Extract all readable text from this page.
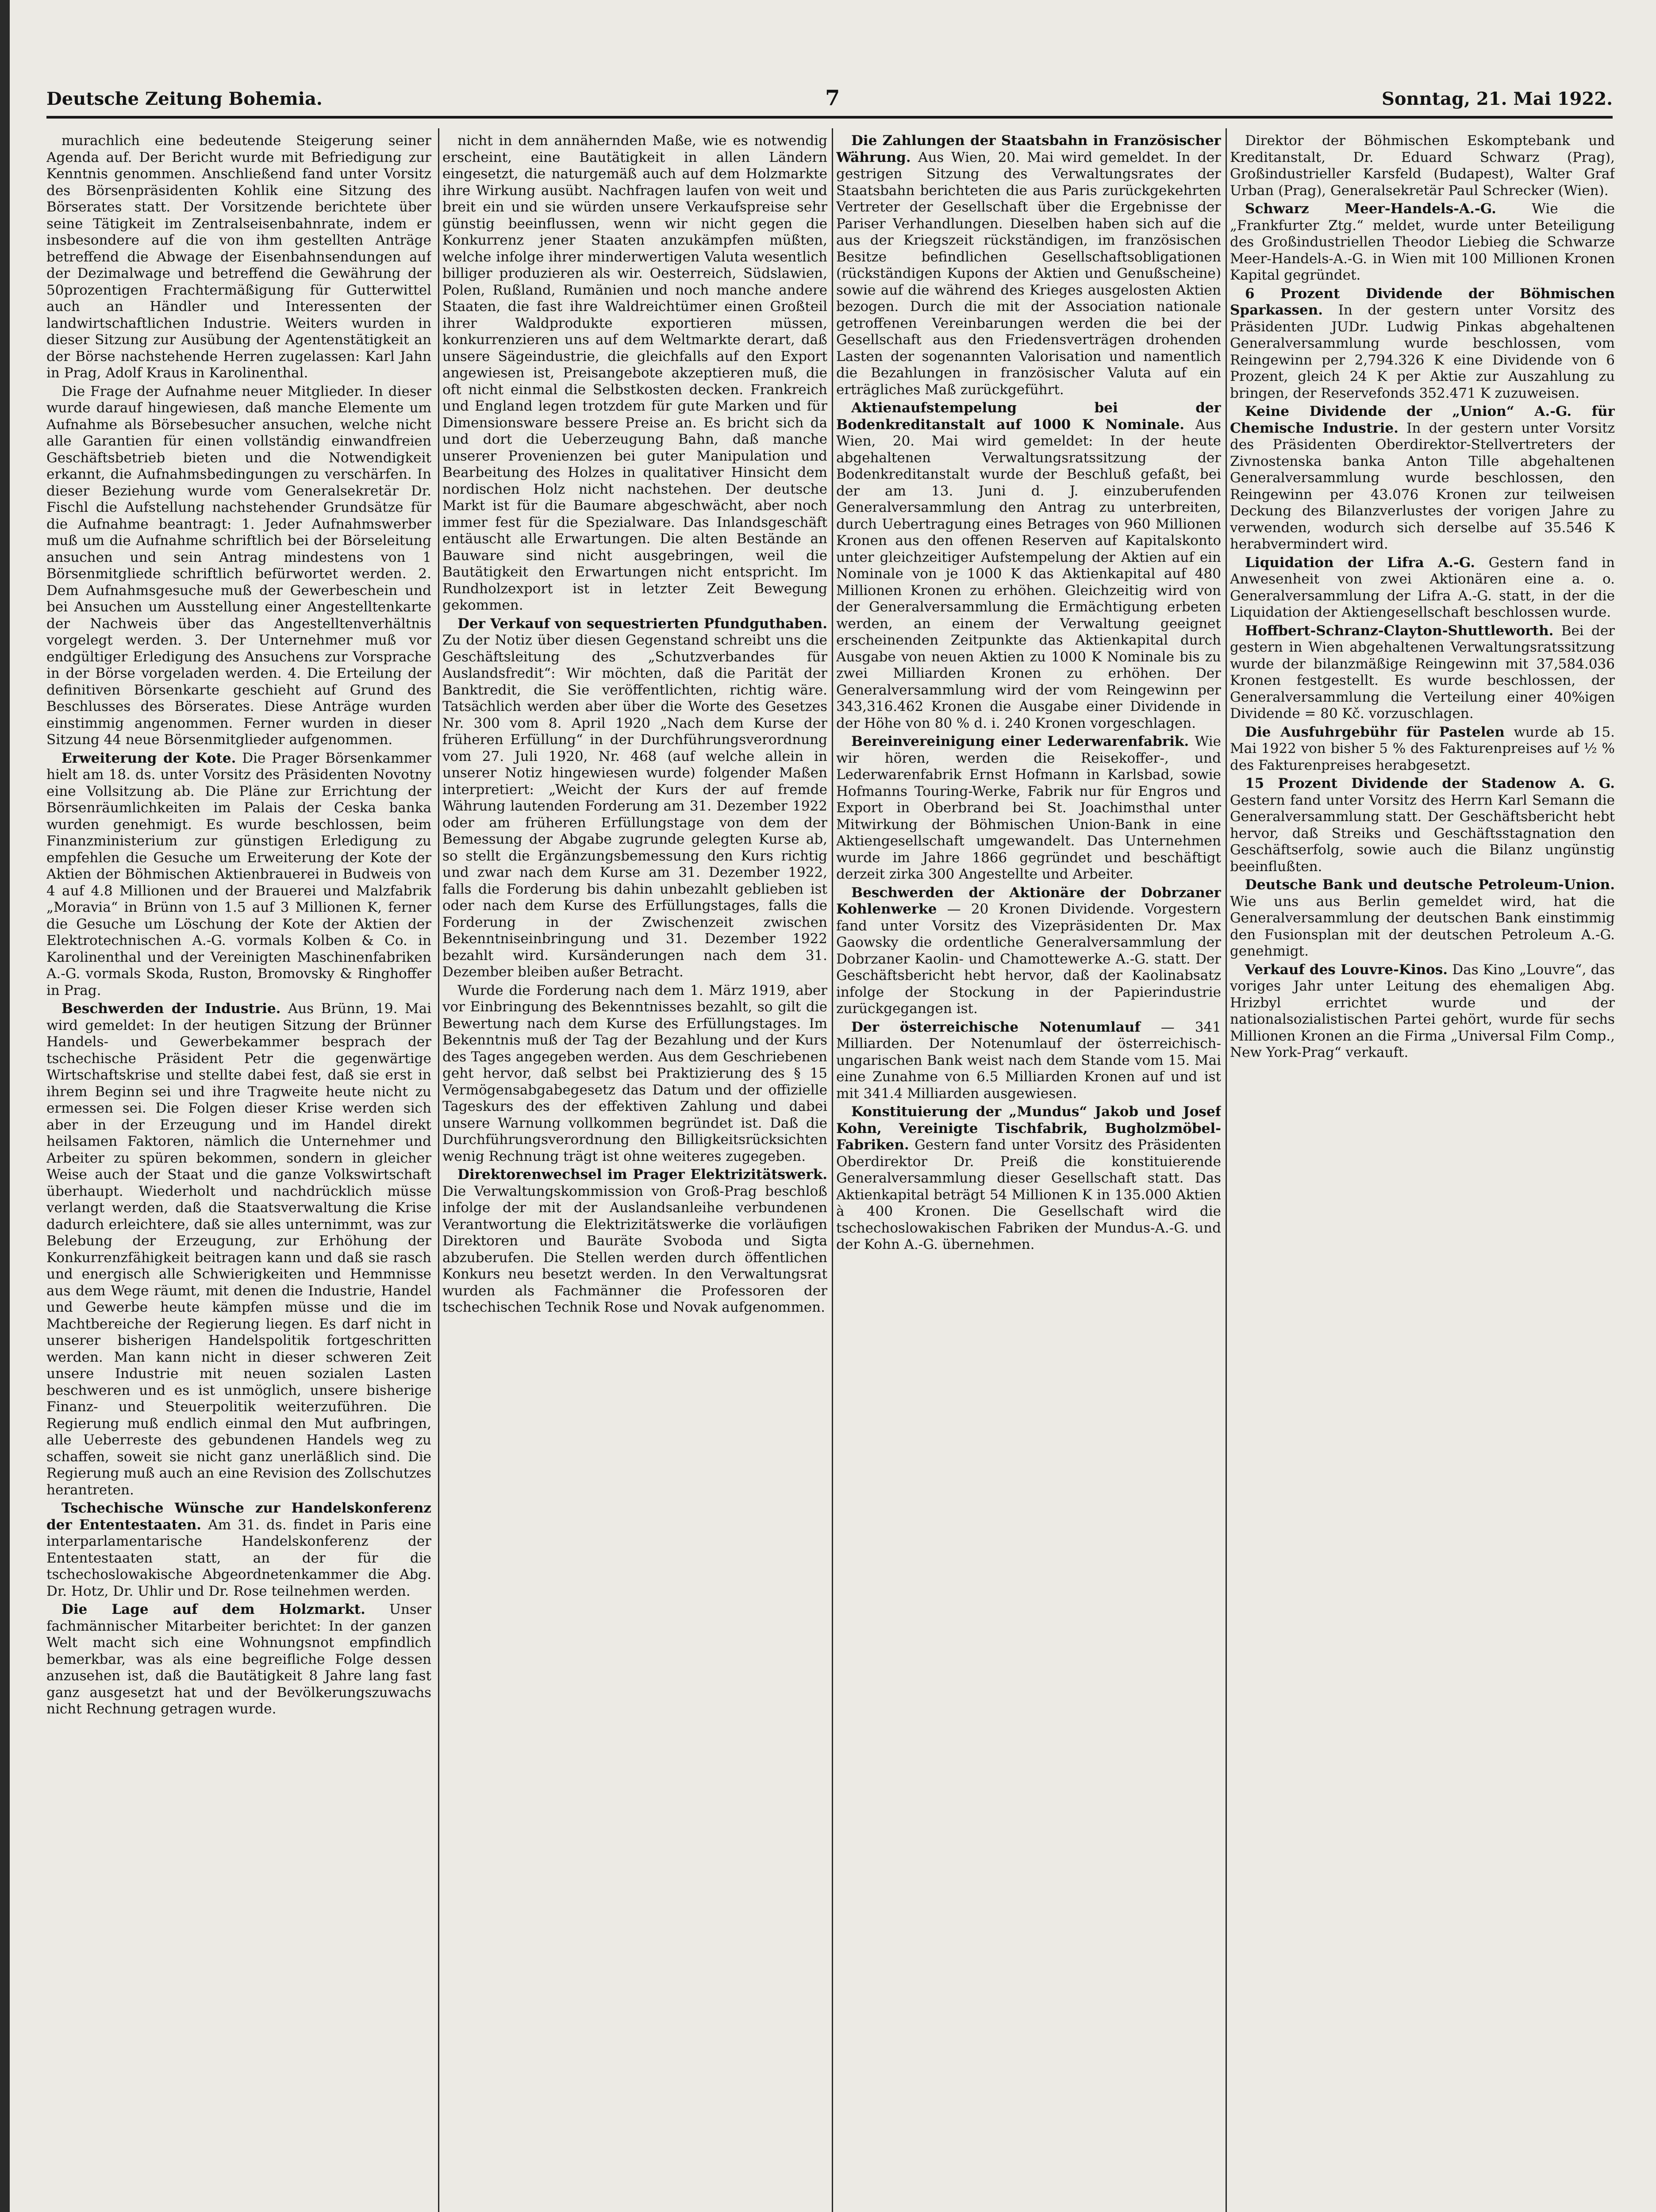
Deutsche Zeitung Bohemia.	7	Sonntag, 21. Mai 1922.

murachlich eine bedeutende Steigerung seiner Agenda auf. Der Bericht wurde mit Befriedigung zur Kenntnis genommen. Anschließend fand unter Vorsitz des Börsenpräsidenten Kohlik eine Sitzung des Börserates statt. Der Vorsitzende berichtete über seine Tätigkeit im Zentralseisenbahnrate, indem er insbesondere auf die von ihm gestellten Anträge betreffend die Abwage der Eisenbahnsendungen auf der Dezimalwage und betreffend die Gewährung der 50prozentigen Frachtermäßigung für Gutterwittel auch an Händler und Interessenten der landwirtschaftlichen Industrie. Weiters wurden in dieser Sitzung zur Ausübung der Agentenstätigkeit an der Börse nachstehende Herren zugelassen: Karl Jahn in Prag, Adolf Kraus in Karolinenthal.

Die Frage der Aufnahme neuer Mitglieder. In dieser wurde darauf hingewiesen, daß manche Elemente um Aufnahme als Börsebesucher ansuchen, welche nicht alle Garantien für einen vollständig einwandfreien Geschäftsbetrieb bieten und die Notwendigkeit erkannt, die Aufnahmsbedingungen zu verschärfen. In dieser Beziehung wurde vom Generalsekretär Dr. Fischl die Aufstellung nachstehender Grundsätze für die Aufnahme beantragt: 1. Jeder Aufnahmswerber muß um die Aufnahme schriftlich bei der Börseleitung ansuchen und sein Antrag mindestens von 1 Börsenmitgliede schriftlich befürwortet werden. 2. Dem Aufnahmsgesuche muß der Gewerbeschein und bei Ansuchen um Ausstellung einer Angestelltenkarte der Nachweis über das Angestelltenverhältnis vorgelegt werden. 3. Der Unternehmer muß vor endgültiger Erledigung des Ansuchens zur Vorsprache in der Börse vorgeladen werden. 4. Die Erteilung der definitiven Börsenkarte geschieht auf Grund des Beschlusses des Börserates. Diese Anträge wurden einstimmig angenommen. Ferner wurden in dieser Sitzung 44 neue Börsenmitglieder aufgenommen.

Erweiterung der Kote. Die Prager Börsenkammer hielt am 18. ds. unter Vorsitz des Präsidenten Novotny eine Vollsitzung ab. Die Pläne zur Errichtung der Börsenräumlichkeiten im Palais der Ceska banka wurden genehmigt. Es wurde beschlossen, beim Finanzministerium zur günstigen Erledigung zu empfehlen die Gesuche um Erweiterung der Kote der Aktien der Böhmischen Aktienbrauerei in Budweis von 4 auf 4.8 Millionen und der Brauerei und Malzfabrik „Moravia“ in Brünn von 1.5 auf 3 Millionen K, ferner die Gesuche um Löschung der Kote der Aktien der Elektrotechnischen A.-G. vormals Kolben & Co. in Karolinenthal und der Vereinigten Maschinenfabriken A.-G. vormals Skoda, Ruston, Bromovsky & Ringhoffer in Prag.

Beschwerden der Industrie. Aus Brünn, 19. Mai wird gemeldet: In der heutigen Sitzung der Brünner Handels- und Gewerbekammer besprach der tschechische Präsident Petr die gegenwärtige Wirtschaftskrise und stellte dabei fest, daß sie erst in ihrem Beginn sei und ihre Tragweite heute nicht zu ermessen sei. Die Folgen dieser Krise werden sich aber in der Erzeugung und im Handel direkt heilsamen Faktoren, nämlich die Unternehmer und Arbeiter zu spüren bekommen, sondern in gleicher Weise auch der Staat und die ganze Volkswirtschaft überhaupt. Wiederholt und nachdrücklich müsse verlangt werden, daß die Staatsverwaltung die Krise dadurch erleichtere, daß sie alles unternimmt, was zur Belebung der Erzeugung, zur Erhöhung der Konkurrenzfähigkeit beitragen kann und daß sie rasch und energisch alle Schwierigkeiten und Hemmnisse aus dem Wege räumt, mit denen die Industrie, Handel und Gewerbe heute kämpfen müsse und die im Machtbereiche der Regierung liegen. Es darf nicht in unserer bisherigen Handelspolitik fortgeschritten werden. Man kann nicht in dieser schweren Zeit unsere Industrie mit neuen sozialen Lasten beschweren und es ist unmöglich, unsere bisherige Finanz- und Steuerpolitik weiterzuführen. Die Regierung muß endlich einmal den Mut aufbringen, alle Ueberreste des gebundenen Handels weg zu schaffen, soweit sie nicht ganz unerläßlich sind. Die Regierung muß auch an eine Revision des Zollschutzes herantreten.

Tschechische Wünsche zur Handelskonferenz der Ententestaaten. Am 31. ds. findet in Paris eine interparlamentarische Handelskonferenz der Ententestaaten statt, an der für die tschechoslowakische Abgeordnetenkammer die Abg. Dr. Hotz, Dr. Uhlir und Dr. Rose teilnehmen werden.

Die Lage auf dem Holzmarkt. Unser fachmännischer Mitarbeiter berichtet: In der ganzen Welt macht sich eine Wohnungsnot empfindlich bemerkbar, was als eine begreifliche Folge dessen anzusehen ist, daß die Bautätigkeit 8 Jahre lang fast ganz ausgesetzt hat und der Bevölkerungszuwachs nicht Rechnung getragen wurde.

nicht in dem annähernden Maße, wie es notwendig erscheint, eine Bautätigkeit in allen Ländern eingesetzt, die naturgemäß auch auf dem Holzmarkte ihre Wirkung ausübt. Nachfragen laufen von weit und breit ein und sie würden unsere Verkaufspreise sehr günstig beeinflussen, wenn wir nicht gegen die Konkurrenz jener Staaten anzukämpfen müßten, welche infolge ihrer minderwertigen Valuta wesentlich billiger produzieren als wir. Oesterreich, Südslawien, Polen, Rußland, Rumänien und noch manche andere Staaten, die fast ihre Waldreichtümer einen Großteil ihrer Waldprodukte exportieren müssen, konkurrenzieren uns auf dem Weltmarkte derart, daß unsere Sägeindustrie, die gleichfalls auf den Export angewiesen ist, Preisangebote akzeptieren muß, die oft nicht einmal die Selbstkosten decken. Frankreich und England legen trotzdem für gute Marken und für Dimensionsware bessere Preise an. Es bricht sich da und dort die Ueberzeugung Bahn, daß manche unserer Provenienzen bei guter Manipulation und Bearbeitung des Holzes in qualitativer Hinsicht dem nordischen Holz nicht nachstehen. Der deutsche Markt ist für die Baumare abgeschwächt, aber noch immer fest für die Spezialware. Das Inlandsgeschäft entäuscht alle Erwartungen. Die alten Bestände an Bauware sind nicht ausgebringen, weil die Bautätigkeit den Erwartungen nicht entspricht. Im Rundholzexport ist in letzter Zeit Bewegung gekommen.

Der Verkauf von sequestrierten Pfundguthaben. Zu der Notiz über diesen Gegenstand schreibt uns die Geschäftsleitung des „Schutzverbandes für Auslandsfredit“: Wir möchten, daß die Parität der Banktredit, die Sie veröffentlichten, richtig wäre. Tatsächlich werden aber über die Worte des Gesetzes Nr. 300 vom 8. April 1920 „Nach dem Kurse der früheren Erfüllung“ in der Durchführungsverordnung vom 27. Juli 1920, Nr. 468 (auf welche allein in unserer Notiz hingewiesen wurde) folgender Maßen interpretiert: „Weicht der Kurs der auf fremde Währung lautenden Forderung am 31. Dezember 1922 oder am früheren Erfüllungstage von dem der Bemessung der Abgabe zugrunde gelegten Kurse ab, so stellt die Ergänzungsbemessung den Kurs richtig und zwar nach dem Kurse am 31. Dezember 1922, falls die Forderung bis dahin unbezahlt geblieben ist oder nach dem Kurse des Erfüllungstages, falls die Forderung in der Zwischenzeit zwischen Bekenntniseinbringung und 31. Dezember 1922 bezahlt wird. Kursänderungen nach dem 31. Dezember bleiben außer Betracht.

Wurde die Forderung nach dem 1. März 1919, aber vor Einbringung des Bekenntnisses bezahlt, so gilt die Bewertung nach dem Kurse des Erfüllungstages. Im Bekenntnis muß der Tag der Bezahlung und der Kurs des Tages angegeben werden. Aus dem Geschriebenen geht hervor, daß selbst bei Praktizierung des § 15 Vermögensabgabegesetz das Datum und der offizielle Tageskurs des der effektiven Zahlung und dabei unsere Warnung vollkommen begründet ist. Daß die Durchführungsverordnung den Billigkeitsrücksichten wenig Rechnung trägt ist ohne weiteres zugegeben.

Direktorenwechsel im Prager Elektrizitätswerk. Die Verwaltungskommission von Groß-Prag beschloß infolge der mit der Auslandsanleihe verbundenen Verantwortung die Elektrizitätswerke die vorläufigen Direktoren und Bauräte Svoboda und Sigta abzuberufen. Die Stellen werden durch öffentlichen Konkurs neu besetzt werden. In den Verwaltungsrat wurden als Fachmänner die Professoren der tschechischen Technik Rose und Novak aufgenommen.

Die Zahlungen der Staatsbahn in Französischer Währung. Aus Wien, 20. Mai wird gemeldet. In der gestrigen Sitzung des Verwaltungsrates der Staatsbahn berichteten die aus Paris zurückgekehrten Vertreter der Gesellschaft über die Ergebnisse der Pariser Verhandlungen. Dieselben haben sich auf die aus der Kriegszeit rückständigen, im französischen Besitze befindlichen Gesellschaftsobligationen (rückständigen Kupons der Aktien und Genußscheine) sowie auf die während des Krieges ausgelosten Aktien bezogen. Durch die mit der Association nationale getroffenen Vereinbarungen werden die bei der Gesellschaft aus den Friedensverträgen drohenden Lasten der sogenannten Valorisation und namentlich die Bezahlungen in französischer Valuta auf ein erträgliches Maß zurückgeführt.

Aktienaufstempelung bei der Bodenkreditanstalt auf 1000 K Nominale. Aus Wien, 20. Mai wird gemeldet: In der heute abgehaltenen Verwaltungsratssitzung der Bodenkreditanstalt wurde der Beschluß gefaßt, bei der am 13. Juni d. J. einzuberufenden Generalversammlung den Antrag zu unterbreiten, durch Uebertragung eines Betrages von 960 Millionen Kronen aus den offenen Reserven auf Kapitalskonto unter gleichzeitiger Aufstempelung der Aktien auf ein Nominale von je 1000 K das Aktienkapital auf 480 Millionen Kronen zu erhöhen. Gleichzeitig wird von der Generalversammlung die Ermächtigung erbeten werden, an einem der Verwaltung geeignet erscheinenden Zeitpunkte das Aktienkapital durch Ausgabe von neuen Aktien zu 1000 K Nominale bis zu zwei Milliarden Kronen zu erhöhen. Der Generalversammlung wird der vom Reingewinn per 343,316.462 Kronen die Ausgabe einer Dividende in der Höhe von 80 % d. i. 240 Kronen vorgeschlagen.

Bereinvereinigung einer Lederwarenfabrik. Wie wir hören, werden die Reisekoffer-, und Lederwarenfabrik Ernst Hofmann in Karlsbad, sowie Hofmanns Touring-Werke, Fabrik nur für Engros und Export in Oberbrand bei St. Joachimsthal unter Mitwirkung der Böhmischen Union-Bank in eine Aktiengesellschaft umgewandelt. Das Unternehmen wurde im Jahre 1866 gegründet und beschäftigt derzeit zirka 300 Angestellte und Arbeiter.

Beschwerden der Aktionäre der Dobrzaner Kohlenwerke — 20 Kronen Dividende. Vorgestern fand unter Vorsitz des Vizepräsidenten Dr. Max Gaowsky die ordentliche Generalversammlung der Dobrzaner Kaolin- und Chamottewerke A.-G. statt. Der Geschäftsbericht hebt hervor, daß der Kaolinabsatz infolge der Stockung in der Papierindustrie zurückgegangen ist.

Der österreichische Notenumlauf — 341 Milliarden. Der Notenumlauf der österreichisch-ungarischen Bank weist nach dem Stande vom 15. Mai eine Zunahme von 6.5 Milliarden Kronen auf und ist mit 341.4 Milliarden ausgewiesen.

Konstituierung der „Mundus“ Jakob und Josef Kohn, Vereinigte Tischfabrik, Bugholzmöbel-Fabriken. Gestern fand unter Vorsitz des Präsidenten Oberdirektor Dr. Preiß die konstituierende Generalversammlung dieser Gesellschaft statt. Das Aktienkapital beträgt 54 Millionen K in 135.000 Aktien à 400 Kronen. Die Gesellschaft wird die tschechoslowakischen Fabriken der Mundus-A.-G. und der Kohn A.-G. übernehmen.

Direktor der Böhmischen Eskomptebank und Kreditanstalt, Dr. Eduard Schwarz (Prag), Großindustrieller Karsfeld (Budapest), Walter Graf Urban (Prag), Generalsekretär Paul Schrecker (Wien).

Schwarz Meer-Handels-A.-G.	Wie die „Frankfurter Ztg.“ meldet, wurde unter Beteiligung des Großindustriellen Theodor Liebieg die Schwarze Meer-Handels-A.-G. in Wien mit 100 Millionen Kronen Kapital gegründet.

6 Prozent Dividende der Böhmischen Sparkassen. In der gestern unter Vorsitz des Präsidenten JUDr. Ludwig Pinkas abgehaltenen Generalversammlung wurde beschlossen, vom Reingewinn per 2,794.326 K eine Dividende von 6 Prozent, gleich 24 K per Aktie zur Auszahlung zu bringen, der Reservefonds 352.471 K zuzuweisen.

Keine Dividende der „Union“ A.-G. für Chemische Industrie. In der gestern unter Vorsitz des Präsidenten Oberdirektor-Stellvertreters der Zivnostenska banka Anton Tille abgehaltenen Generalversammlung wurde beschlossen, den Reingewinn per 43.076 Kronen zur teilweisen Deckung des Bilanzverlustes der vorigen Jahre zu verwenden, wodurch sich derselbe auf 35.546 K herabvermindert wird.

Liquidation der Lifra A.-G. Gestern fand in Anwesenheit von zwei Aktionären eine a. o. Generalversammlung der Lifra A.-G. statt, in der die Liquidation der Aktiengesellschaft beschlossen wurde.

Hoffbert-Schranz-Clayton-Shuttleworth. Bei der gestern in Wien abgehaltenen Verwaltungsratssitzung wurde der bilanzmäßige Reingewinn mit 37,584.036 Kronen festgestellt. Es wurde beschlossen, der Generalversammlung die Verteilung einer 40%igen Dividende = 80 Kč. vorzuschlagen.

Die Ausfuhrgebühr für Pastelen wurde ab 15. Mai 1922 von bisher 5 % des Fakturenpreises auf ½ % des Fakturenpreises herabgesetzt.

15 Prozent Dividende der Stadenow A. G. Gestern fand unter Vorsitz des Herrn Karl Semann die Generalversammlung statt. Der Geschäftsbericht hebt hervor, daß Streiks und Geschäftsstagnation den Geschäftserfolg, sowie auch die Bilanz ungünstig beeinflußten.

Deutsche Bank und deutsche Petroleum-Union. Wie uns aus Berlin gemeldet wird, hat die Generalversammlung der deutschen Bank einstimmig den Fusionsplan mit der deutschen Petroleum A.-G. genehmigt.

Verkauf des Louvre-Kinos. Das Kino „Louvre“, das voriges Jahr unter Leitung des ehemaligen Abg. Hrizbyl errichtet wurde und der nationalsozialistischen Partei gehört, wurde für sechs Millionen Kronen an die Firma „Universal Film Comp., New York-Prag“ verkauft.
